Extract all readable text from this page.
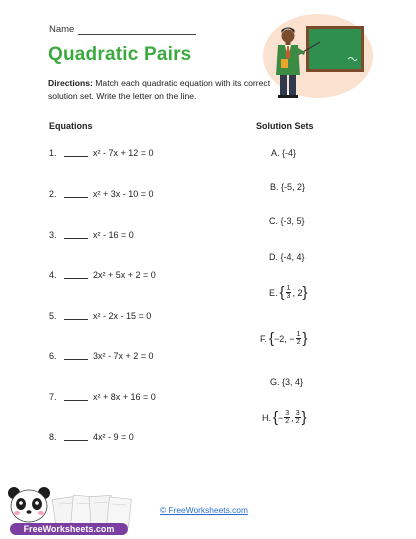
Name
Quadratic Pairs
Directions: Match each quadratic equation with its correct solution set. Write the letter on the line.
Equations	Solution Sets
1.	x² - 7x + 12 = 0
2.	x² + 3x - 10 = 0
3.	x² - 16 = 0
4.	2x² + 5x + 2 = 0
5.	x² - 2x - 15 = 0
6.	3x² - 7x + 2 = 0
7.	x² + 8x + 16 = 0
8.	4x² - 9 = 0
A. {-4}
B. {-5, 2}
C. {-3, 5}
D. {-4, 4}
E. { $\frac{1}{3}$ , 2 }
F. { −2, − $\frac{1}{2}$ }
G. {3, 4}
H. { − $\frac{3}{2}$ , $\frac{3}{2}$ }
FreeWorksheets.com
© FreeWorksheets.com
